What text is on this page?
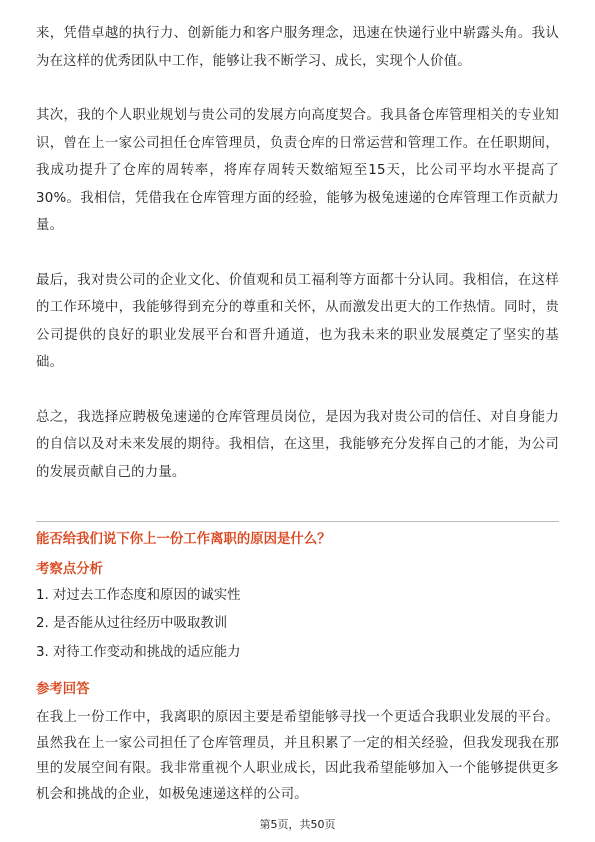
来，凭借卓越的执行力、创新能力和客户服务理念，迅速在快递行业中崭露头角。我认为在这样的优秀团队中工作，能够让我不断学习、成长，实现个人价值。

其次，我的个人职业规划与贵公司的发展方向高度契合。我具备仓库管理相关的专业知识，曾在上一家公司担任仓库管理员，负责仓库的日常运营和管理工作。在任职期间，我成功提升了仓库的周转率，将库存周转天数缩短至15天，比公司平均水平提高了30%。我相信，凭借我在仓库管理方面的经验，能够为极兔速递的仓库管理工作贡献力量。

最后，我对贵公司的企业文化、价值观和员工福利等方面都十分认同。我相信，在这样的工作环境中，我能够得到充分的尊重和关怀，从而激发出更大的工作热情。同时，贵公司提供的良好的职业发展平台和晋升通道，也为我未来的职业发展奠定了坚实的基础。

总之，我选择应聘极兔速递的仓库管理员岗位，是因为我对贵公司的信任、对自身能力的自信以及对未来发展的期待。我相信，在这里，我能够充分发挥自己的才能，为公司的发展贡献自己的力量。

能否给我们说下你上一份工作离职的原因是什么？
考察点分析
1. 对过去工作态度和原因的诚实性
2. 是否能从过往经历中吸取教训
3. 对待工作变动和挑战的适应能力
参考回答
在我上一份工作中，我离职的原因主要是希望能够寻找一个更适合我职业发展的平台。虽然我在上一家公司担任了仓库管理员，并且积累了一定的相关经验，但我发现我在那里的发展空间有限。我非常重视个人职业成长，因此我希望能够加入一个能够提供更多机会和挑战的企业，如极兔速递这样的公司。
第5页，共50页
